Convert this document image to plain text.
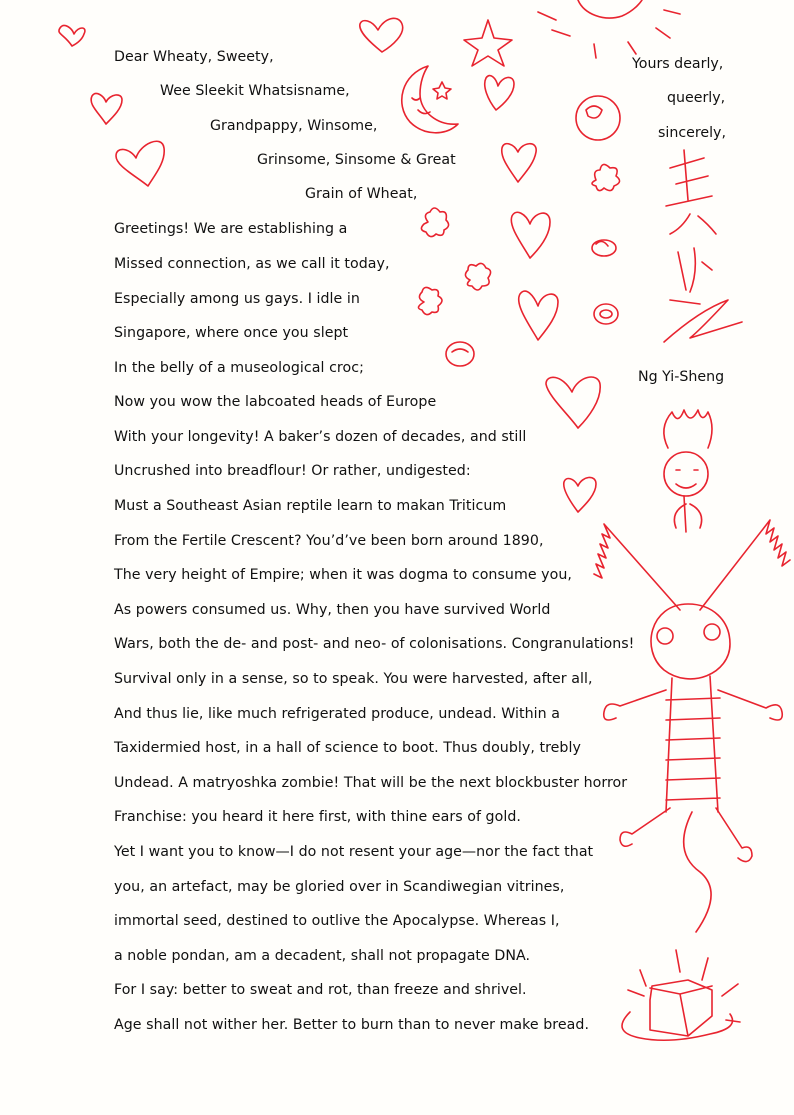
Dear Wheaty, Sweety,
Wee Sleekit Whatsisname,
Grandpappy, Winsome,
Grinsome, Sinsome & Great
Grain of Wheat,
Greetings! We are establishing a
Missed connection, as we call it today,
Especially among us gays. I idle in
Singapore, where once you slept
In the belly of a museological croc;
Now you wow the labcoated heads of Europe
With your longevity! A baker’s dozen of decades, and still
Uncrushed into breadflour! Or rather, undigested:
Must a Southeast Asian reptile learn to makan Triticum
From the Fertile Crescent? You’d’ve been born around 1890,
The very height of Empire; when it was dogma to consume you,
As powers consumed us. Why, then you have survived World
Wars, both the de- and post- and neo- of colonisations. Congranulations!
Survival only in a sense, so to speak. You were harvested, after all,
And thus lie, like much refrigerated produce, undead. Within a
Taxidermied host, in a hall of science to boot. Thus doubly, trebly
Undead. A matryoshka zombie! That will be the next blockbuster horror
Franchise: you heard it here first, with thine ears of gold.
Yet I want you to know—I do not resent your age—nor the fact that
you, an artefact, may be gloried over in Scandiwegian vitrines,
immortal seed, destined to outlive the Apocalypse. Whereas I,
a noble pondan, am a decadent, shall not propagate DNA.
For I say: better to sweat and rot, than freeze and shrivel.
Age shall not wither her. Better to burn than to never make bread.
Yours dearly,
queerly,
sincerely,
Ng Yi-Sheng
